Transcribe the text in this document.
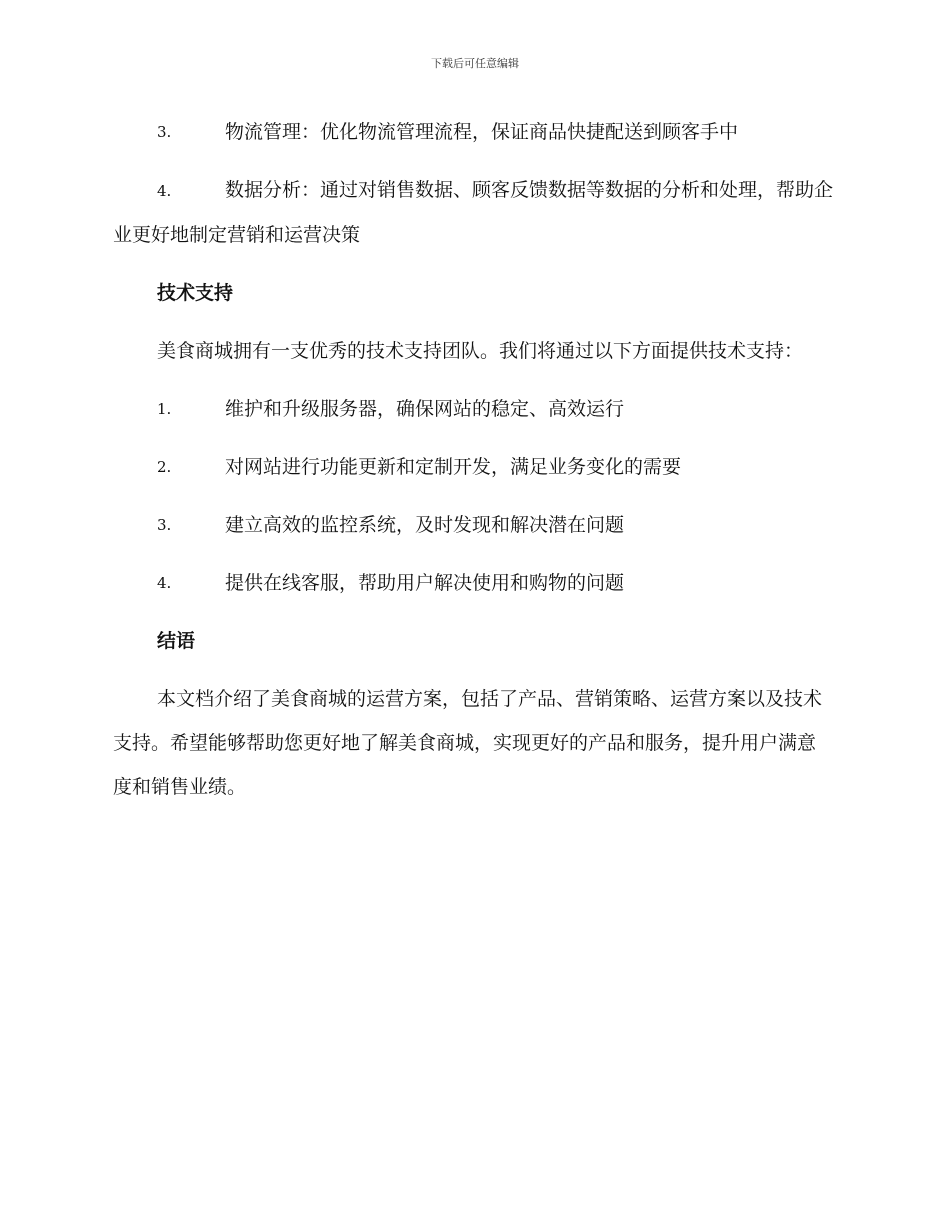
下载后可任意编辑
3.	物流管理：优化物流管理流程，保证商品快捷配送到顾客手中
4.	数据分析：通过对销售数据、顾客反馈数据等数据的分析和处理，帮助企业更好地制定营销和运营决策
技术支持

美食商城拥有一支优秀的技术支持团队。我们将通过以下方面提供技术支持：

1.	维护和升级服务器，确保网站的稳定、高效运行
2.	对网站进行功能更新和定制开发，满足业务变化的需要
3.	建立高效的监控系统，及时发现和解决潜在问题
4.	提供在线客服，帮助用户解决使用和购物的问题
结语

本文档介绍了美食商城的运营方案，包括了产品、营销策略、运营方案以及技术支持。希望能够帮助您更好地了解美食商城，实现更好的产品和服务，提升用户满意度和销售业绩。
